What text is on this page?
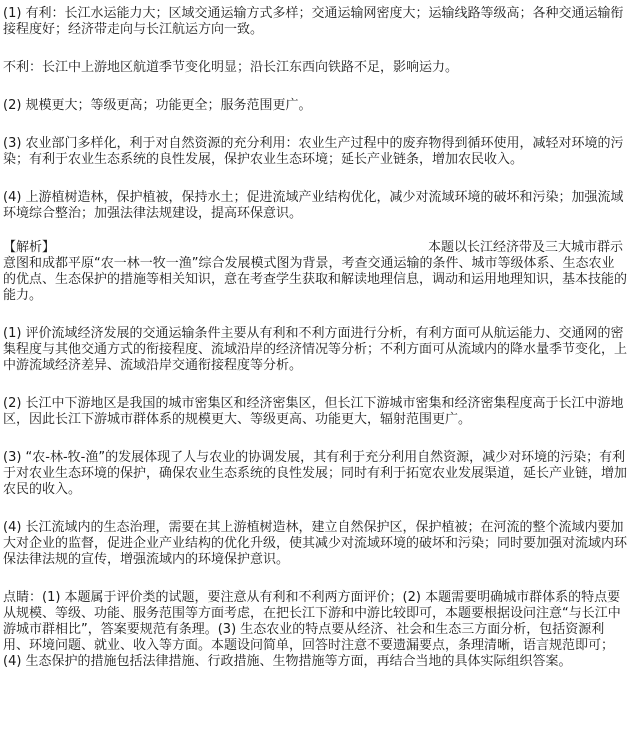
(1) 有利：长江水运能力大；区域交通运输方式多样；交通运输网密度大；运输线路等级高；各种交通运输衔接程度好；经济带走向与长江航运方向一致。

不利：长江中上游地区航道季节变化明显；沿长江东西向铁路不足，影响运力。

(2) 规模更大；等级更高；功能更全；服务范围更广。

(3) 农业部门多样化，利于对自然资源的充分利用：农业生产过程中的废弃物得到循环使用，减轻对环境的污染；有利于农业生态系统的良性发展，保护农业生态环境；延长产业链条，增加农民收入。

(4) 上游植树造林，保护植被，保持水土；促进流域产业结构优化，减少对流域环境的破坏和污染；加强流域环境综合整治；加强法律法规建设，提高环保意识。

【解析】	本题以长江经济带及三大城市群示

意图和成都平原“农一林一牧一渔”综合发展模式图为背景，考查交通运输的条件、城市等级体系、生态农业的优点、生态保护的措施等相关知识，意在考查学生获取和解读地理信息，调动和运用地理知识，基本技能的能力。

(1) 评价流域经济发展的交通运输条件主要从有利和不利方面进行分析，有利方面可从航运能力、交通网的密集程度与其他交通方式的衔接程度、流域沿岸的经济情况等分析；不利方面可从流域内的降水量季节变化，上中游流域经济差异、流域沿岸交通衔接程度等分析。

(2) 长江中下游地区是我国的城市密集区和经济密集区，但长江下游城市密集和经济密集程度高于长江中游地区，因此长江下游城市群体系的规模更大、等级更高、功能更大，辐射范围更广。

(3) “农-林-牧-渔”的发展体现了人与农业的协调发展，其有利于充分利用自然资源，减少对环境的污染；有利于对农业生态环境的保护，确保农业生态系统的良性发展；同时有利于拓宽农业发展渠道，延长产业链，增加农民的收入。

(4) 长江流域内的生态治理，需要在其上游植树造林，建立自然保护区，保护植被；在河流的整个流域内要加大对企业的监督，促进企业产业结构的优化升级，使其减少对流域环境的破坏和污染；同时要加强对流域内环保法律法规的宣传，增强流域内的环境保护意识。

点睛：(1) 本题属于评价类的试题，要注意从有利和不利两方面评价；(2) 本题需要明确城市群体系的特点要从规模、等级、功能、服务范围等方面考虑，在把长江下游和中游比较即可，本题要根据设问注意“与长江中游城市群相比”，答案要规范有条理。(3) 生态农业的特点要从经济、社会和生态三方面分析，包括资源利用、环境问题、就业、收入等方面。本题设问简单，回答时注意不要遗漏要点，条理清晰，语言规范即可；(4) 生态保护的措施包括法律措施、行政措施、生物措施等方面，再结合当地的具体实际组织答案。
